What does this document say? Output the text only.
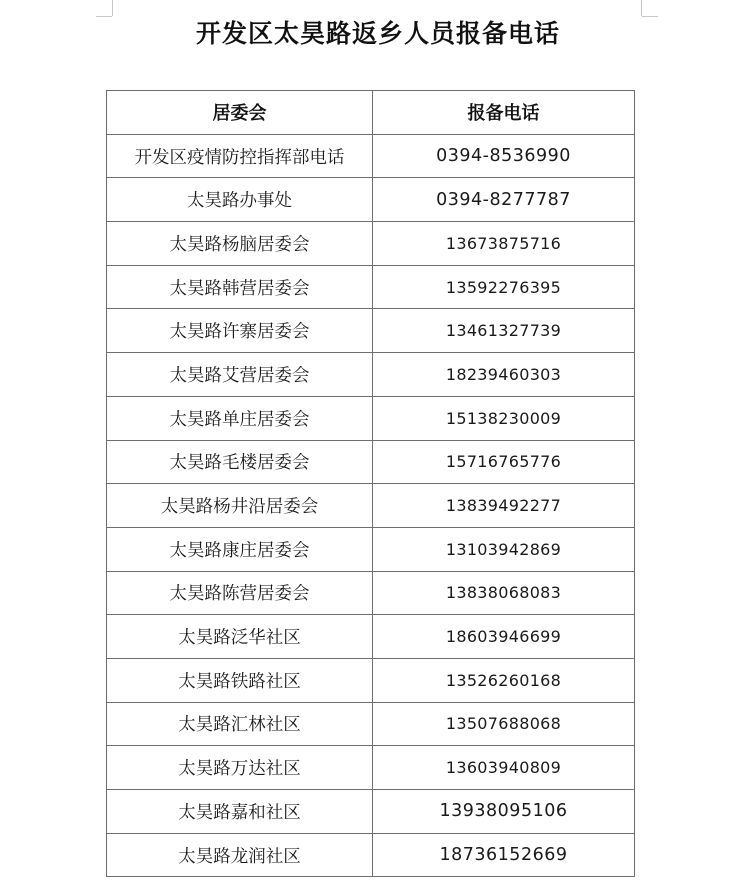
开发区太昊路返乡人员报备电话
居委会	报备电话
开发区疫情防控指挥部电话	0394-8536990
太昊路办事处	0394-8277787
太昊路杨脑居委会	13673875716
太昊路韩营居委会	13592276395
太昊路许寨居委会	13461327739
太昊路艾营居委会	18239460303
太昊路单庄居委会	15138230009
太昊路毛楼居委会	15716765776
太昊路杨井沿居委会	13839492277
太昊路康庄居委会	13103942869
太昊路陈营居委会	13838068083
太昊路泛华社区	18603946699
太昊路铁路社区	13526260168
太昊路汇林社区	13507688068
太昊路万达社区	13603940809
太昊路嘉和社区	13938095106
太昊路龙润社区	18736152669
